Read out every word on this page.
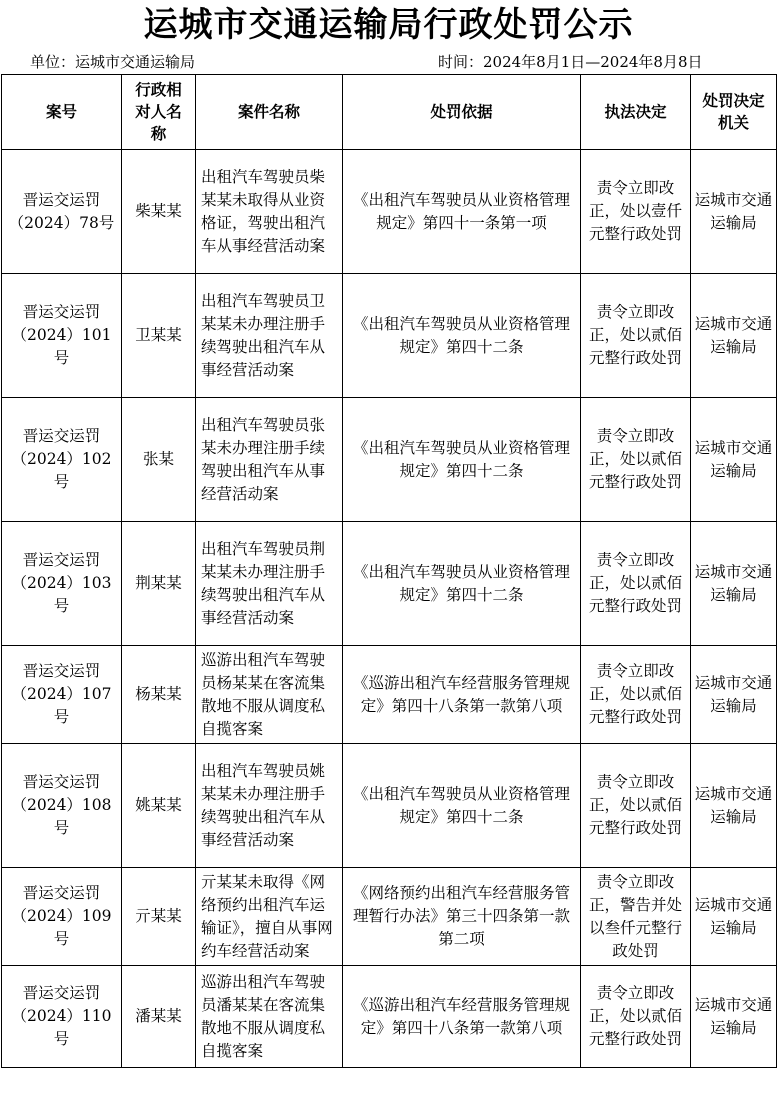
运城市交通运输局行政处罚公示
单位：运城市交通运输局	时间：2024年8月1日—2024年8月8日
案号	行政相对人名称	案件名称	处罚依据	执法决定	处罚决定机关
晋运交运罚（2024）78号	柴某某	出租汽车驾驶员柴某某未取得从业资格证，驾驶出租汽车从事经营活动案	《出租汽车驾驶员从业资格管理规定》第四十一条第一项	责令立即改正，处以壹仟元整行政处罚	运城市交通运输局
晋运交运罚（2024）101号	卫某某	出租汽车驾驶员卫某某未办理注册手续驾驶出租汽车从事经营活动案	《出租汽车驾驶员从业资格管理规定》第四十二条	责令立即改正，处以贰佰元整行政处罚	运城市交通运输局
晋运交运罚（2024）102号	张某	出租汽车驾驶员张某未办理注册手续驾驶出租汽车从事经营活动案	《出租汽车驾驶员从业资格管理规定》第四十二条	责令立即改正，处以贰佰元整行政处罚	运城市交通运输局
晋运交运罚（2024）103号	荆某某	出租汽车驾驶员荆某某未办理注册手续驾驶出租汽车从事经营活动案	《出租汽车驾驶员从业资格管理规定》第四十二条	责令立即改正，处以贰佰元整行政处罚	运城市交通运输局
晋运交运罚（2024）107号	杨某某	巡游出租汽车驾驶员杨某某在客流集散地不服从调度私自揽客案	《巡游出租汽车经营服务管理规定》第四十八条第一款第八项	责令立即改正，处以贰佰元整行政处罚	运城市交通运输局
晋运交运罚（2024）108号	姚某某	出租汽车驾驶员姚某某未办理注册手续驾驶出租汽车从事经营活动案	《出租汽车驾驶员从业资格管理规定》第四十二条	责令立即改正，处以贰佰元整行政处罚	运城市交通运输局
晋运交运罚（2024）109号	亓某某	亓某某未取得《网络预约出租汽车运输证》，擅自从事网约车经营活动案	《网络预约出租汽车经营服务管理暂行办法》第三十四条第一款第二项	责令立即改正，警告并处以叁仟元整行政处罚	运城市交通运输局
晋运交运罚（2024）110号	潘某某	巡游出租汽车驾驶员潘某某在客流集散地不服从调度私自揽客案	《巡游出租汽车经营服务管理规定》第四十八条第一款第八项	责令立即改正，处以贰佰元整行政处罚	运城市交通运输局
